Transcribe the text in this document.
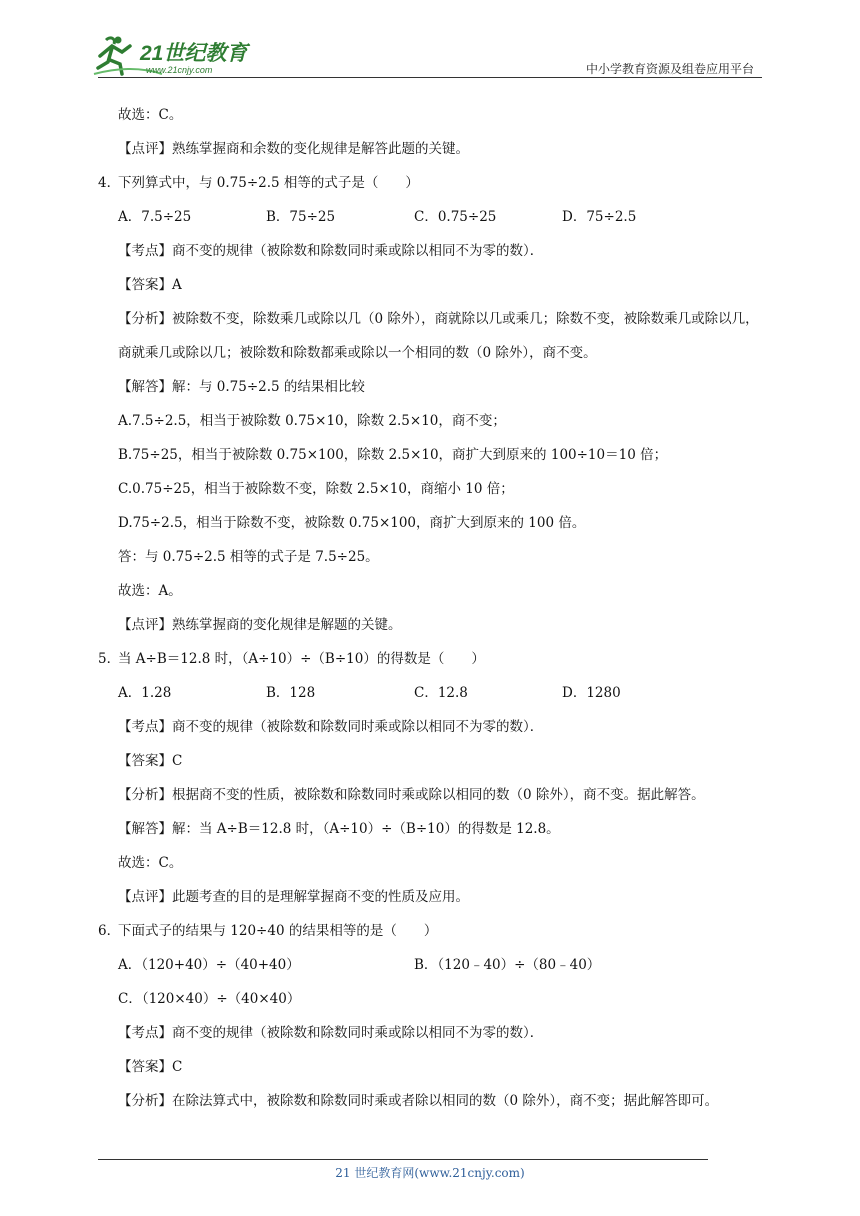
21世纪教育
www.21cnjy.com	中小学教育资源及组卷应用平台
故选：C。
【点评】熟练掌握商和余数的变化规律是解答此题的关键。
4．下列算式中，与 0.75÷2.5 相等的式子是（　　）
A．7.5÷25	B．75÷25	C．0.75÷25	D．75÷2.5
【考点】商不变的规律（被除数和除数同时乘或除以相同不为零的数）．
【答案】A
【分析】被除数不变，除数乘几或除以几（0 除外），商就除以几或乘几；除数不变，被除数乘几或除以几，商就乘几或除以几；被除数和除数都乘或除以一个相同的数（0 除外），商不变。
【解答】解：与 0.75÷2.5 的结果相比较
A.7.5÷2.5，相当于被除数 0.75×10，除数 2.5×10，商不变；
B.75÷25，相当于被除数 0.75×100，除数 2.5×10，商扩大到原来的 100÷10＝10 倍；
C.0.75÷25，相当于被除数不变，除数 2.5×10，商缩小 10 倍；
D.75÷2.5，相当于除数不变，被除数 0.75×100，商扩大到原来的 100 倍。
答：与 0.75÷2.5 相等的式子是 7.5÷25。
故选：A。
【点评】熟练掌握商的变化规律是解题的关键。
5．当 A÷B＝12.8 时，（A÷10）÷（B÷10）的得数是（　　）
A．1.28	B．128	C．12.8	D．1280
【考点】商不变的规律（被除数和除数同时乘或除以相同不为零的数）．
【答案】C
【分析】根据商不变的性质，被除数和除数同时乘或除以相同的数（0 除外），商不变。据此解答。
【解答】解：当 A÷B＝12.8 时，（A÷10）÷（B÷10）的得数是 12.8。
故选：C。
【点评】此题考查的目的是理解掌握商不变的性质及应用。
6．下面式子的结果与 120÷40 的结果相等的是（　　）
A．（120+40）÷（40+40）	B．（120﹣40）÷（80﹣40）
C．（120×40）÷（40×40）
【考点】商不变的规律（被除数和除数同时乘或除以相同不为零的数）．
【答案】C
【分析】在除法算式中，被除数和除数同时乘或者除以相同的数（0 除外），商不变；据此解答即可。
21 世纪教育网(www.21cnjy.com)
